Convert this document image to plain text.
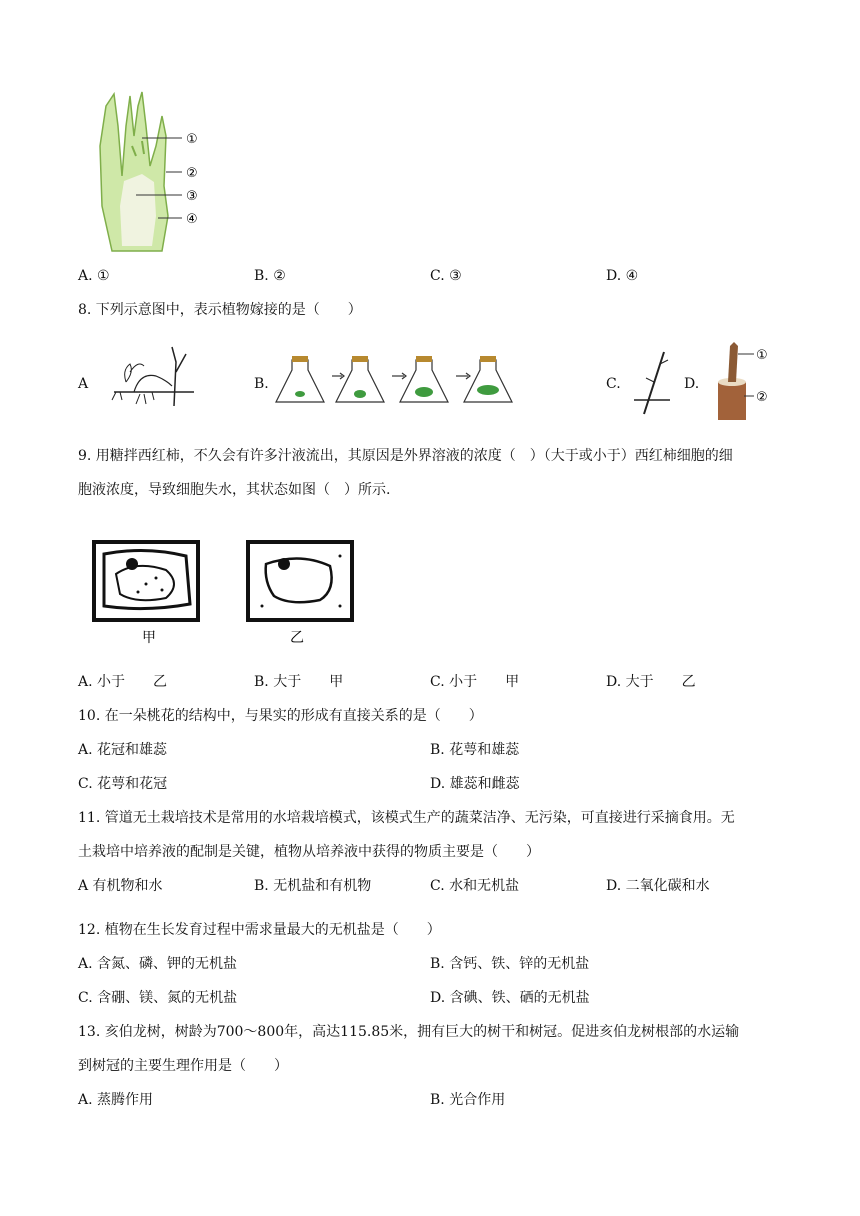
①
②
③
④
A. ①	B. ②	C. ③	D. ④
8. 下列示意图中，表示植物嫁接的是（　　）
A	B.	C.	D.
①
②
9. 用糖拌西红柿，不久会有许多汁液流出，其原因是外界溶液的浓度（　）（大于或小于）西红柿细胞的细
胞液浓度，导致细胞失水，其状态如图（　）所示.
甲	乙
A. 小于　　乙	B. 大于　　甲	C. 小于　　甲	D. 大于　　乙
10. 在一朵桃花的结构中，与果实的形成有直接关系的是（　　）
A. 花冠和雄蕊	B. 花萼和雄蕊
C. 花萼和花冠	D. 雄蕊和雌蕊
11. 管道无土栽培技术是常用的水培栽培模式，该模式生产的蔬菜洁净、无污染，可直接进行采摘食用。无
土栽培中培养液的配制是关键，植物从培养液中获得的物质主要是（　　）
A 有机物和水	B. 无机盐和有机物	C. 水和无机盐	D. 二氧化碳和水
12. 植物在生长发育过程中需求量最大的无机盐是（　　）
A. 含氮、磷、钾的无机盐	B. 含钙、铁、锌的无机盐
C. 含硼、镁、氮的无机盐	D. 含碘、铁、硒的无机盐
13. 亥伯龙树，树龄为700～800年，高达115.85米，拥有巨大的树干和树冠。促进亥伯龙树根部的水运输
到树冠的主要生理作用是（　　）
A. 蒸腾作用	B. 光合作用
